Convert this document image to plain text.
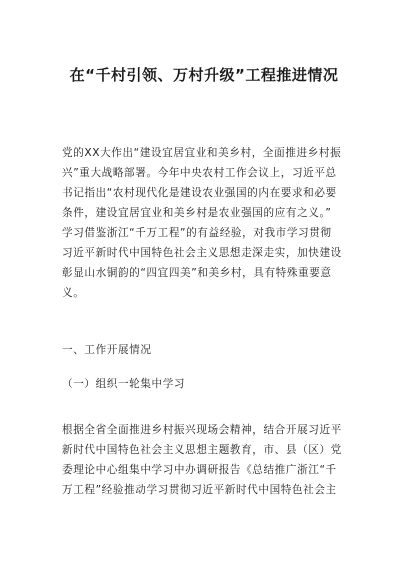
在“千村引领、万村升级”工程推进情况
党的XX大作出“建设宜居宜业和美乡村，全面推进乡村振
兴”重大战略部署。今年中央农村工作会议上，习近平总
书记指出“农村现代化是建设农业强国的内在要求和必要
条件，建设宜居宜业和美乡村是农业强国的应有之义。”
学习借鉴浙江“千万工程”的有益经验，对我市学习贯彻
习近平新时代中国特色社会主义思想走深走实，加快建设
彰显山水铜韵的“四宜四美”和美乡村，具有特殊重要意
义。
一、工作开展情况
（一）组织一轮集中学习
根据全省全面推进乡村振兴现场会精神，结合开展习近平
新时代中国特色社会主义思想主题教育，市、县（区）党
委理论中心组集中学习中办调研报告《总结推广浙江“千
万工程”经验推动学习贯彻习近平新时代中国特色社会主
